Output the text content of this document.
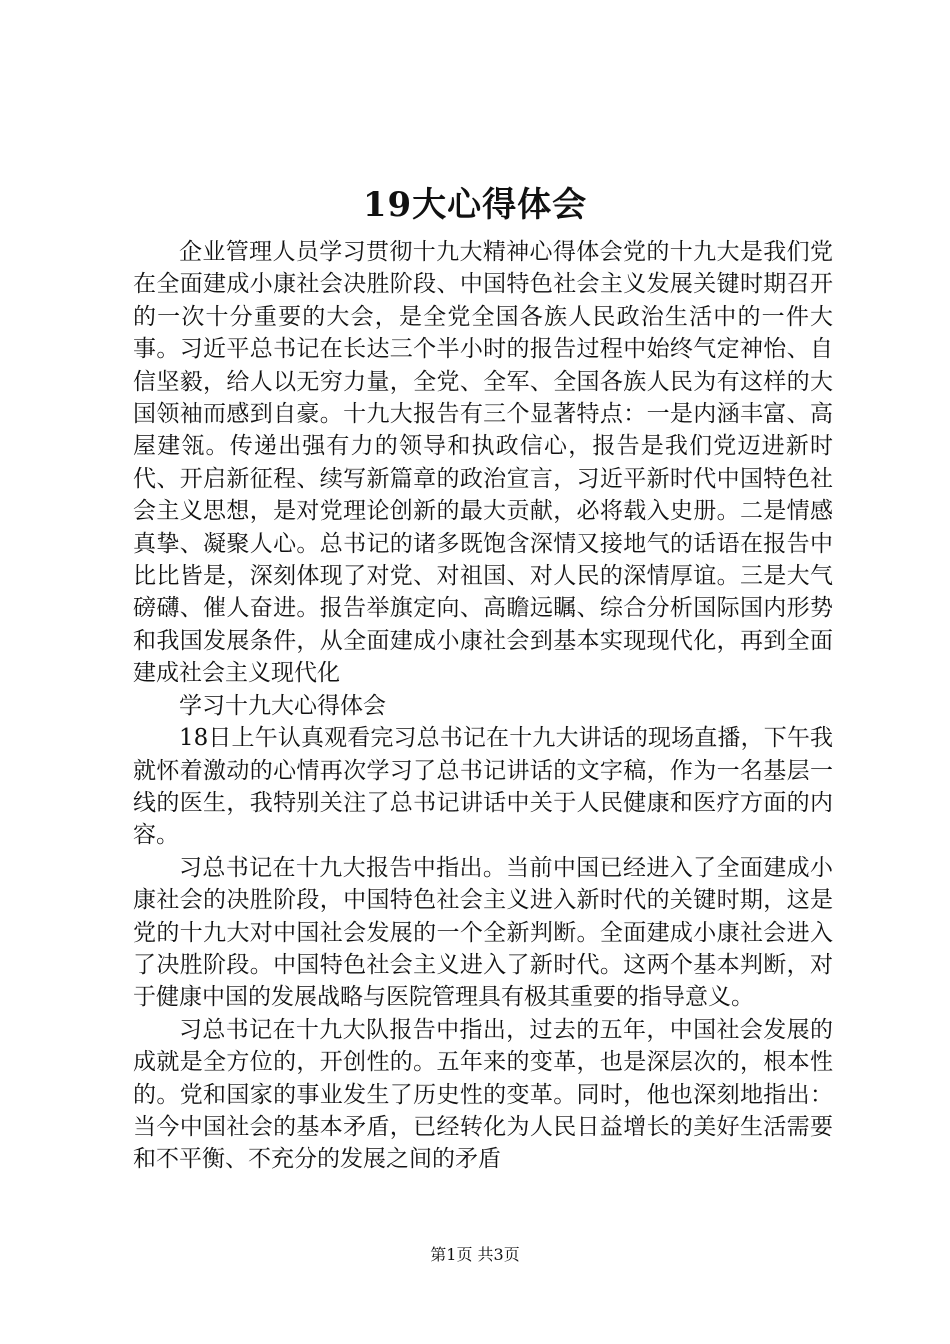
19大心得体会

企业管理人员学习贯彻十九大精神心得体会党的十九大是我们党在全面建成小康社会决胜阶段、中国特色社会主义发展关键时期召开的一次十分重要的大会，是全党全国各族人民政治生活中的一件大事。习近平总书记在长达三个半小时的报告过程中始终气定神怡、自信坚毅，给人以无穷力量，全党、全军、全国各族人民为有这样的大国领袖而感到自豪。十九大报告有三个显著特点：一是内涵丰富、高屋建瓴。传递出强有力的领导和执政信心，报告是我们党迈进新时代、开启新征程、续写新篇章的政治宣言，习近平新时代中国特色社会主义思想，是对党理论创新的最大贡献，必将载入史册。二是情感真挚、凝聚人心。总书记的诸多既饱含深情又接地气的话语在报告中比比皆是，深刻体现了对党、对祖国、对人民的深情厚谊。三是大气磅礴、催人奋进。报告举旗定向、高瞻远瞩、综合分析国际国内形势和我国发展条件，从全面建成小康社会到基本实现现代化，再到全面建成社会主义现代化

学习十九大心得体会

18日上午认真观看完习总书记在十九大讲话的现场直播，下午我就怀着激动的心情再次学习了总书记讲话的文字稿，作为一名基层一线的医生，我特别关注了总书记讲话中关于人民健康和医疗方面的内容。

习总书记在十九大报告中指出。当前中国已经进入了全面建成小康社会的决胜阶段，中国特色社会主义进入新时代的关键时期，这是党的十九大对中国社会发展的一个全新判断。全面建成小康社会进入了决胜阶段。中国特色社会主义进入了新时代。这两个基本判断，对于健康中国的发展战略与医院管理具有极其重要的指导意义。

习总书记在十九大队报告中指出，过去的五年，中国社会发展的成就是全方位的，开创性的。五年来的变革，也是深层次的，根本性的。党和国家的事业发生了历史性的变革。同时，他也深刻地指出：当今中国社会的基本矛盾，已经转化为人民日益增长的美好生活需要和不平衡、不充分的发展之间的矛盾

第1页 共3页
